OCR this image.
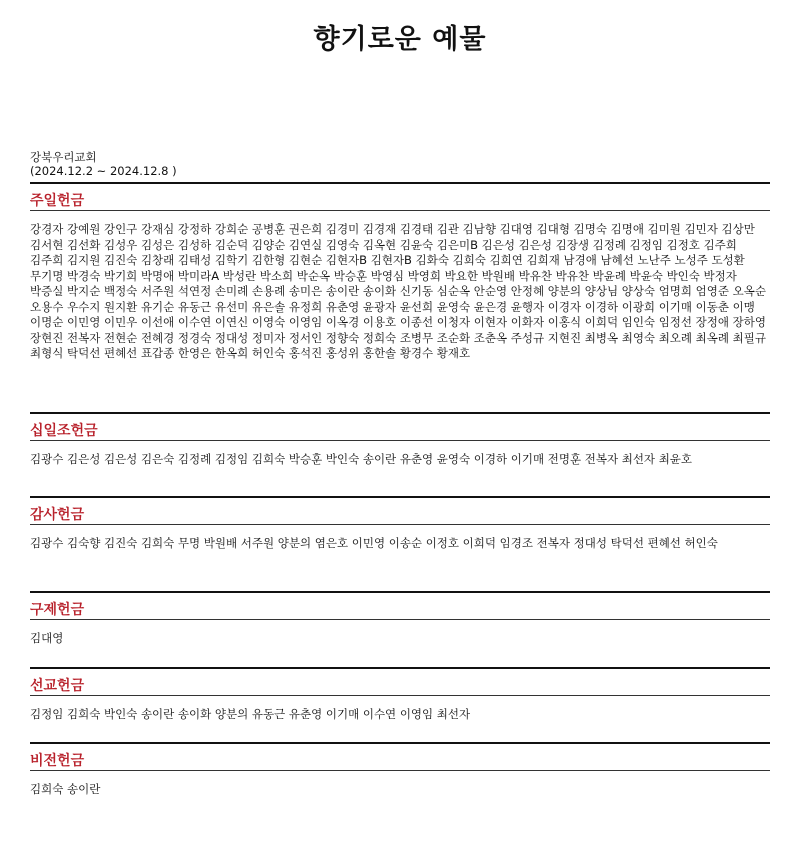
향기로운 예물
강북우리교회
(2024.12.2 ~ 2024.12.8 )
주일헌금
강경자 강예원 강인구 강재심 강정하 강희순 공병훈 권은희 김경미 김경재 김경태 김관 김남향 김대영 김대형 김명숙 김명애 김미원 김민자 김상만 김서현 김선화 김성우 김성은 김성하 김순덕 김양순 김연실 김영숙 김옥현 김윤숙 김은미B 김은성 김은성 김장생 김정례 김정임 김정호 김주희 김주희 김지원 김진숙 김창래 김태성 김학기 김한형 김현순 김현자B 김현자B 김화숙 김희숙 김희연 김희재 남경애 남혜선 노난주 노성주 도성환 무기명 박경숙 박기희 박명애 박미라A 박성란 박소희 박순옥 박승훈 박영심 박영희 박요한 박원배 박유찬 박유찬 박윤례 박윤숙 박인숙 박정자 박증실 박지순 백정숙 서주원 석연정 손미례 손용례 송미은 송이란 송이화 신기동 심순옥 안순영 안정혜 양분의 양상님 양상숙 엄명희 엄영준 오옥순 오용수 우수지 원지환 유기순 유동근 유선미 유은솔 유정희 유춘영 윤광자 윤선희 윤영숙 윤은경 윤행자 이경자 이경하 이광희 이기매 이동춘 이맹 이명순 이민영 이민우 이선애 이수연 이연신 이영숙 이영임 이옥경 이용호 이종선 이청자 이현자 이화자 이홍식 이희덕 임인숙 임정선 장정애 장하영 장현진 전복자 전현순 전혜경 정경숙 정대성 정미자 정서인 정향숙 정희숙 조병무 조순화 조춘옥 주성규 지현진 최병옥 최영숙 최오례 최옥례 최필규 최형식 탁덕선 편혜선 표갑종 한영은 한옥희 허인숙 홍석진 홍성위 홍한솔 황경수 황재호
십일조헌금
김광수 김은성 김은성 김은숙 김정례 김정임 김희숙 박승훈 박인숙 송이란 유춘영 윤영숙 이경하 이기매 전명훈 전복자 최선자 최윤호
감사헌금
김광수 김숙향 김진숙 김희숙 무명 박원배 서주원 양분의 염은호 이민영 이송순 이정호 이희덕 임경조 전복자 정대성 탁덕선 편혜선 허인숙
구제헌금
김대영
선교헌금
김정임 김희숙 박인숙 송이란 송이화 양분의 유동근 유춘영 이기매 이수연 이영임 최선자
비전헌금
김희숙 송이란
